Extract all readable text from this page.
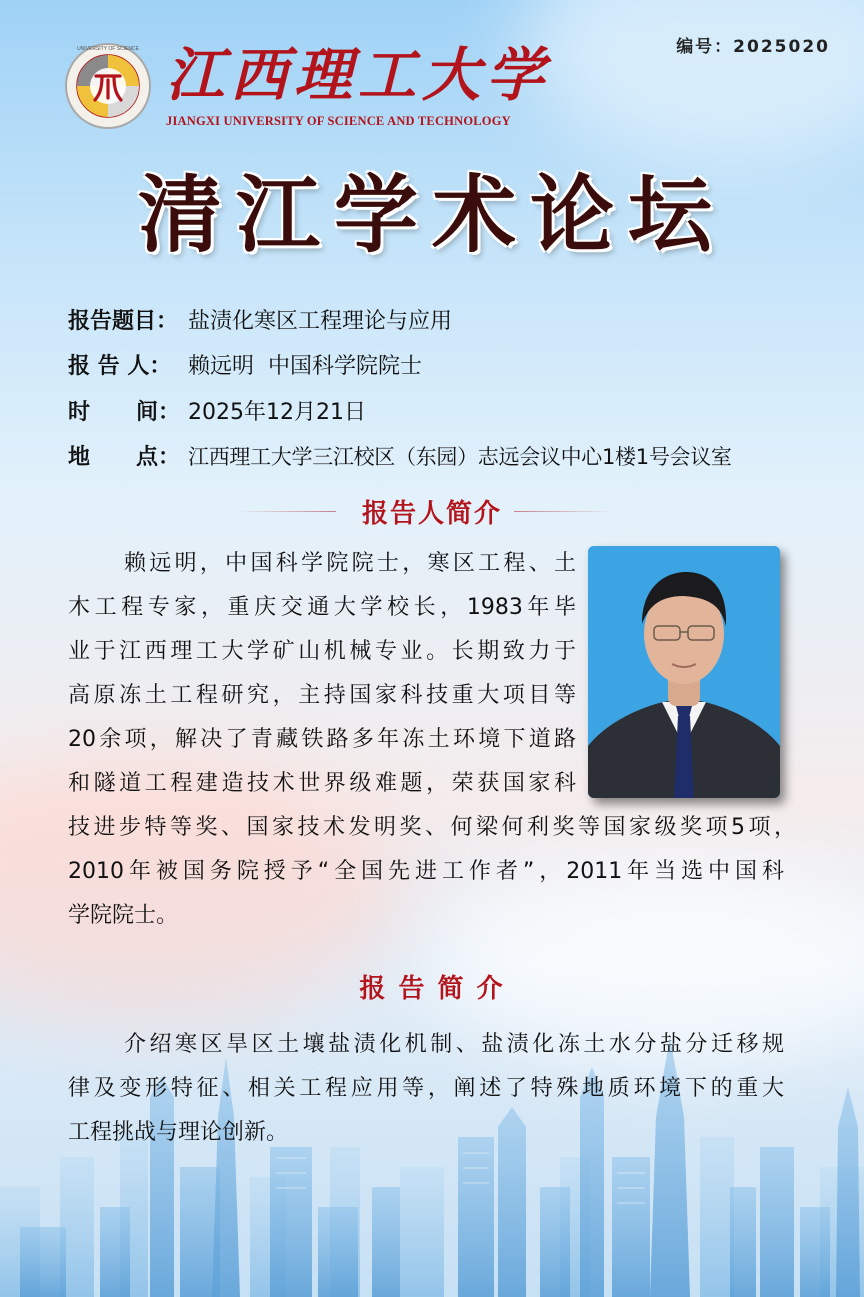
编号：2025020
UNIVERSITY OF SCIENCE 江西理工大学
JIANGXI UNIVERSITY OF SCIENCE AND TECHNOLOGY
清江学术论坛
报告题目： 盐渍化寒区工程理论与应用
报 告 人： 赖远明  中国科学院院士
时      间： 2025年12月21日
地      点： 江西理工大学三江校区（东园）志远会议中心1楼1号会议室
报告人简介
赖远明，中国科学院院士，寒区工程、土
木工程专家，重庆交通大学校长，1983年毕
业于江西理工大学矿山机械专业。长期致力于
高原冻土工程研究，主持国家科技重大项目等
20余项，解决了青藏铁路多年冻土环境下道路
和隧道工程建造技术世界级难题，荣获国家科
技进步特等奖、国家技术发明奖、何梁何利奖等国家级奖项5项，
2010年被国务院授予“全国先进工作者”，2011年当选中国科
学院院士。
报 告 简 介
介绍寒区旱区土壤盐渍化机制、盐渍化冻土水分盐分迁移规
律及变形特征、相关工程应用等，阐述了特殊地质环境下的重大
工程挑战与理论创新。
